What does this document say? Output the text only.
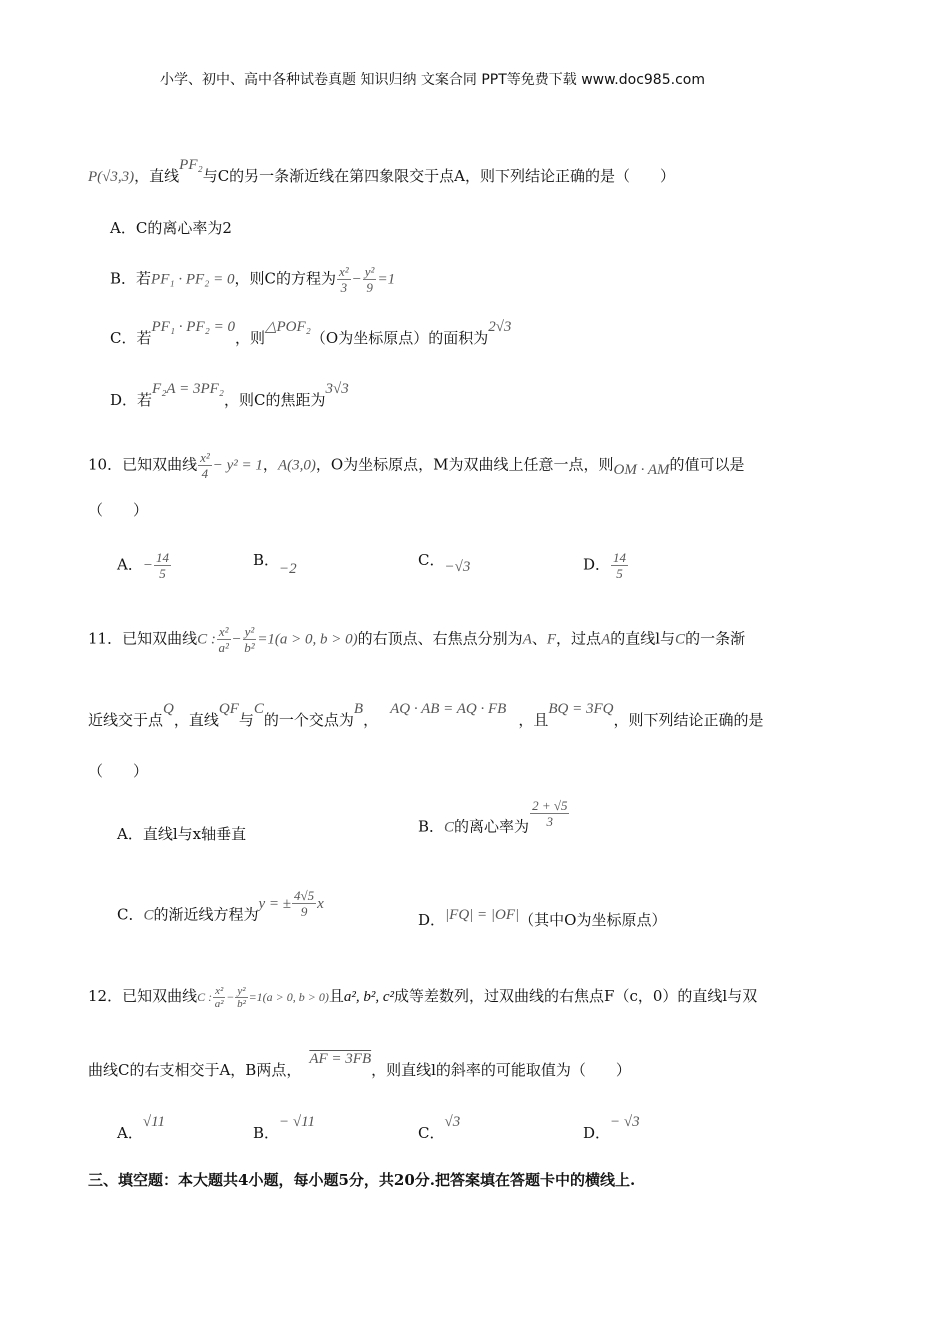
小学、初中、高中各种试卷真题 知识归纳 文案合同 PPT等免费下载 www.doc985.com
P(√3,3)，直线PF₂与C的另一条渐近线在第四象限交于点A，则下列结论正确的是（　　）
A．C的离心率为2
B．若PF₁ · PF₂ = 0，则C的方程为 $\frac{\text{x²}}{3} - \frac{\text{y²}}{9} =1$
C．若PF₁ · PF₂ = 0，则△POF₂（O为坐标原点）的面积为2√3
D．若F₂A = 3PF₂，则C的焦距为3√3
10．已知双曲线 $\frac{\text{x²}}{4} - y^2 = 1$，A(3,0)，O为坐标原点，M为双曲线上任意一点，则OM · AM的值可以是
（　　）
A．− $\frac{14}{5}$	B．−2	C．−√3	D． $\frac{14}{5}$
11．已知双曲线C : $\frac{\text{x²}}{\text{a²}} - \frac{\text{y²}}{\text{b²}} =1(a > 0$, b > 0)的右顶点、右焦点分别为A、F，过点A的直线l与C的一条渐
近线交于点Q，直线QF与C的一个交点为B，AQ · AB = AQ · FB，且BQ = 3FQ，则下列结论正确的是
（　　）
A．直线l与x轴垂直	B．C的离心率为 $\frac{2 + √5}{3}$
C．C的渐近线方程为y = ± $\frac{4√5}{9}$ x
D．|FQ| = |OF|（其中O为坐标原点）
12．已知双曲线C : $\frac{\text{x²}}{\text{a²}} - \frac{\text{y²}}{\text{b²}} =1(a > 0$, b > 0)且a², b², c²成等差数列，过双曲线的右焦点F（c，0）的直线l与双
曲线C的右支相交于A，B两点，AF = 3FB，则直线l的斜率的可能取值为（　　）
A．√11
B．− √11
C．√3
D．− √3
三、填空题：本大题共4小题，每小题5分，共20分.把答案填在答题卡中的横线上.
